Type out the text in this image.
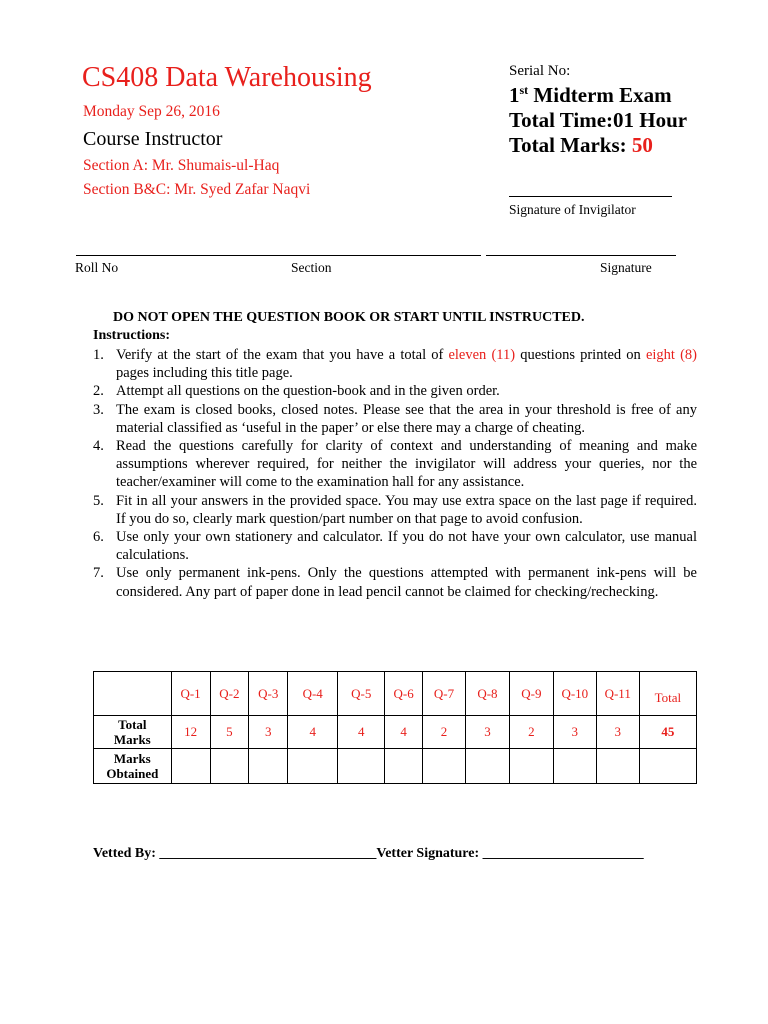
CS408 Data Warehousing
Monday Sep 26, 2016
Course Instructor
Section A: Mr. Shumais-ul-Haq
Section B&C: Mr. Syed Zafar Naqvi
Serial No:
1st Midterm Exam
Total Time:01 Hour
Total Marks: 50
Signature of Invigilator
Roll No	Section	Signature
DO NOT OPEN THE QUESTION BOOK OR START UNTIL INSTRUCTED.
Instructions:
1. Verify at the start of the exam that you have a total of eleven (11) questions printed on eight (8) pages including this title page.
2. Attempt all questions on the question-book and in the given order.
3. The exam is closed books, closed notes. Please see that the area in your threshold is free of any material classified as ‘useful in the paper’ or else there may a charge of cheating.
4. Read the questions carefully for clarity of context and understanding of meaning and make assumptions wherever required, for neither the invigilator will address your queries, nor the teacher/examiner will come to the examination hall for any assistance.
5. Fit in all your answers in the provided space. You may use extra space on the last page if required. If you do so, clearly mark question/part number on that page to avoid confusion.
6. Use only your own stationery and calculator. If you do not have your own calculator, use manual calculations.
7. Use only permanent ink-pens. Only the questions attempted with permanent ink-pens will be considered. Any part of paper done in lead pencil cannot be claimed for checking/rechecking.
	Q-1	Q-2	Q-3	Q-4	Q-5	Q-6	Q-7	Q-8	Q-9	Q-10	Q-11	Total
Total
Marks	12	5	3	4	4	4	2	3	2	3	3	45
Marks
Obtained												
Vetted By: _______________________________Vetter Signature: _______________________
